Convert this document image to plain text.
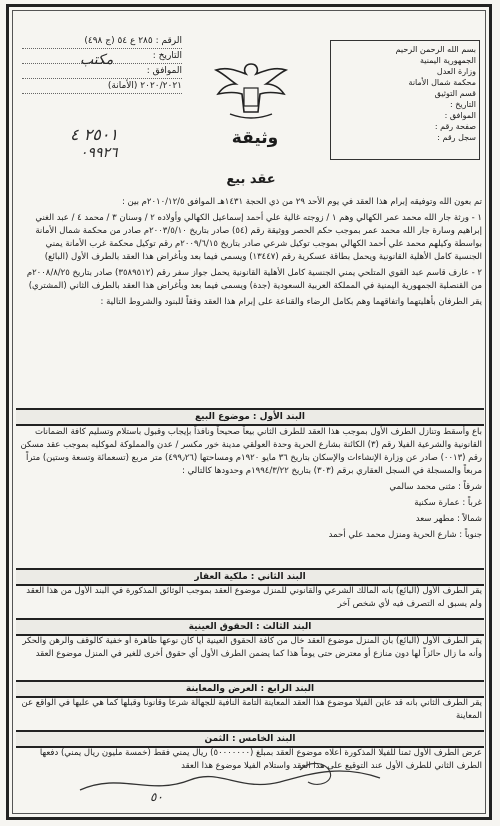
الرقم : ٢٨٥ ع ٥٤ (ج ٤٩٨)
التاريخ :
الموافق :
٢٠٢٠/٢٠٢١ (الأمانة)
مكتب
٢٥٠١ ٤
٠٩٩٢٦
وثيقة
بسم الله الرحمن الرحيم
الجمهورية اليمنية
وزارة العدل
محكمة شمال الأمانة
قسم التوثيق
التاريخ :
الموافق :
صفحة رقم :
سجل رقم :
عقد بيع

تم بعون الله وتوفيقه إبرام هذا العقد في يوم الأحد ٢٩ من ذي الحجة ١٤٣١هـ الموافق ٢٠١٠/١٢/٥م بين :

١ - ورثة جار الله محمد عمر الكهالي وهم ١ / زوجته غالية علي أحمد إسماعيل الكهالي وأولاده ٢ / وسنان ٣ / محمد ٤ / عبد الغني إبراهيم وسارة جار الله محمد عمر بموجب حكم الحصر ووثيقة رقم (٥٤) صادر بتاريخ ٢٠٠٣/٥/١٠م صادر من محكمة شمال الأمانة بواسطة وكيلهم محمد علي أحمد الكهالي بموجب توكيل شرعي صادر بتاريخ ٢٠٠٩/٦/١٥م رقم توكيل محكمة غرب الأمانة يمني الجنسية كامل الأهلية القانونية ويحمل بطاقة عسكرية رقم (١٣٤٤٧) ويسمى فيما بعد وبأغراض هذا العقد بالطرف الأول (البائع)

٢ - عارف قاسم عبد القوي المتلحي يمني الجنسية كامل الأهلية القانونية يحمل جواز سفر رقم (٣٥٨٩٥١٢) صادر بتاريخ ٢٠٠٨/٨/٢٥م من القنصلية الجمهورية اليمنية في المملكة العربية السعودية (جدة) ويسمى فيما بعد وبأغراض هذا العقد بالطرف الثاني (المشتري)

يقر الطرفان بأهليتهما واتفاقهما وهم بكامل الرضاء والقناعة على إبرام هذا العقد وفقاً للبنود والشروط التالية :

البند الأول : موضوع البيع

باع وأسقط وتنازل الطرف الأول بموجب هذا العقد للطرف الثاني بيعاً صحيحاً ونافذاً بإيجاب وقبول باستلام وتسليم كافة الضمانات القانونية والشرعية الفيلا رقم (٣) الكائنة بشارع الحرية وحدة العولقي مدينة خور مكسر / عدن والمملوكة لموكليه بموجب عقد مسكن رقم (٠٠١٣) صادر عن وزارة الإنشاءات والإسكان بتاريخ ٣٦ مايو ١٩٢٠م ومساحتها (٤٩٩٫٢٦) متر مربع (تسعمائة وتسعة وستين) متراً مربعاً والمسجلة في السجل العقاري برقم (٣٠٣) بتاريخ ١٩٩٤/٣/٢٢م وحدودها كالتالي :

شرقاً : مثنى محمد سالمي

غرباً : عمارة سكنية

شمالاً : مطهر سعد

جنوباً : شارع الحرية ومنزل محمد علي أحمد

البند الثاني : ملكية العقار

يقر الطرف الأول (البائع) بأنه المالك الشرعي والقانوني للمنزل موضوع العقد بموجب الوثائق المذكورة في البند الأول من هذا العقد ولم يسبق له التصرف فيه لأي شخص آخر

البند الثالث : الحقوق العينية

يقر الطرف الأول (البائع) بأن المنزل موضوع العقد خال من كافة الحقوق العينية أياً كان نوعها ظاهرة أو خفية كالوقف والرهن والحكر وأنه ما زال حائزاً لها دون منازع أو معترض حتى يوماً هذا كما يضمن الطرف الأول أي حقوق أخرى للغير في المنزل موضوع العقد

البند الرابع : العرض والمعاينة

يقر الطرف الثاني بأنه قد عاين الفيلا موضوع هذا العقد المعاينة التامة النافية للجهالة شرعاً وقانوناً وقبلها كما هي عليها في الواقع عن المعاينة

البند الخامس : الثمن

عرض الطرف الأول ثمناً للفيلا المذكورة أعلاه موضوع العقد بمبلغ (٥٠٠٠٠٠٠٠) ريال يمني فقط (خمسة مليون ريال يمني) دفعها الطرف الثاني للطرف الأول عند التوقيع على هذا العقد واستلام الفيلا موضوع هذا العقد

٥٠
